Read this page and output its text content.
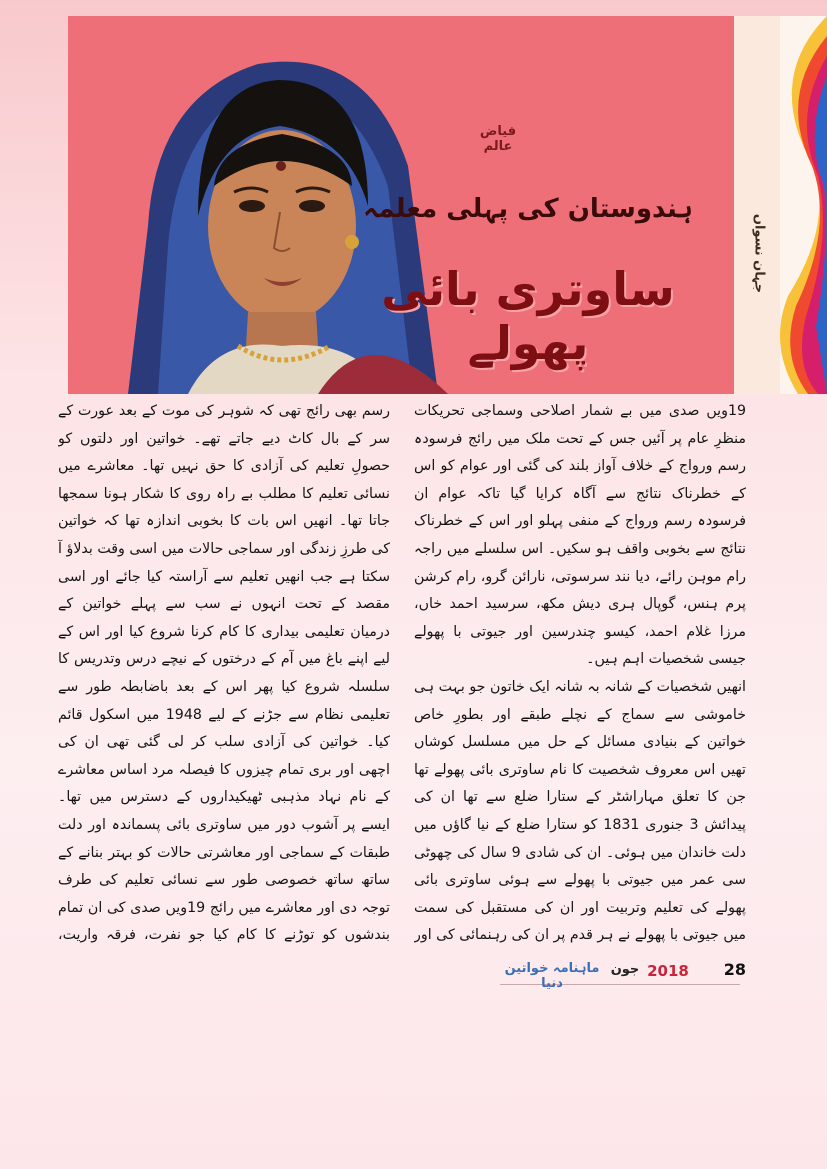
فیاض عالم
ہندوستان کی پہلی معلمہ
ساوتری بائی پھولے
جہان نسواں

19ویں صدی میں بے شمار اصلاحی وسماجی تحریکات منظرِ عام پر آئیں جس کے تحت ملک میں رائج فرسودہ رسم ورواج کے خلاف آواز بلند کی گئی اور عوام کو اس کے خطرناک نتائج سے آگاہ کرایا گیا تاکہ عوام ان فرسودہ رسم ورواج کے منفی پہلو اور اس کے خطرناک نتائج سے بخوبی واقف ہو سکیں۔ اس سلسلے میں راجہ رام موہن رائے، دیا نند سرسوتی، نارائن گرو، رام کرشن پرم ہنس، گوپال ہری دیش مکھ، سرسید احمد خاں، مرزا غلام احمد، کیسو چندرسین اور جیوتی با پھولے جیسی شخصیات اہم ہیں۔

انھیں شخصیات کے شانہ بہ شانہ ایک خاتون جو بہت ہی خاموشی سے سماج کے نچلے طبقے اور بطورِ خاص خواتین کے بنیادی مسائل کے حل میں مسلسل کوشاں تھیں اس معروف شخصیت کا نام ساوتری بائی پھولے تھا جن کا تعلق مہاراشٹر کے ستارا ضلع سے تھا ان کی پیدائش 3 جنوری 1831 کو ستارا ضلع کے نیا گاؤں میں دلت خاندان میں ہوئی۔ ان کی شادی 9 سال کی چھوٹی سی عمر میں جیوتی با پھولے سے ہوئی ساوتری بائی پھولے کی تعلیم وتربیت اور ان کی مستقبل کی سمت میں جیوتی با پھولے نے ہر قدم پر ان کی رہنمائی کی اور

رسم بھی رائج تھی کہ شوہر کی موت کے بعد عورت کے سر کے بال کاٹ دیے جاتے تھے۔ خواتین اور دلتوں کو حصولِ تعلیم کی آزادی کا حق نہیں تھا۔ معاشرے میں نسائی تعلیم کا مطلب بے راہ روی کا شکار ہونا سمجھا جاتا تھا۔ انھیں اس بات کا بخوبی اندازہ تھا کہ خواتین کی طرزِ زندگی اور سماجی حالات میں اسی وقت بدلاؤ آ سکتا ہے جب انھیں تعلیم سے آراستہ کیا جائے اور اسی مقصد کے تحت انہوں نے سب سے پہلے خواتین کے درمیان تعلیمی بیداری کا کام کرنا شروع کیا اور اس کے لیے اپنے باغ میں آم کے درختوں کے نیچے درس وتدریس کا سلسلہ شروع کیا پھر اس کے بعد باضابطہ طور سے تعلیمی نظام سے جڑنے کے لیے 1948 میں اسکول قائم کیا۔ خواتین کی آزادی سلب کر لی گئی تھی ان کی اچھی اور بری تمام چیزوں کا فیصلہ مرد اساس معاشرے کے نام نہاد مذہبی ٹھیکیداروں کے دسترس میں تھا۔ ایسے پر آشوب دور میں ساوتری بائی پسماندہ اور دلت طبقات کے سماجی اور معاشرتی حالات کو بہتر بنانے کے ساتھ ساتھ خصوصی طور سے نسائی تعلیم کی طرف توجہ دی اور معاشرے میں رائج 19ویں صدی کی ان تمام بندشوں کو توڑنے کا کام کیا جو نفرت، فرقہ واریت،

28
2018
جون
ماہنامہ خواتین دنیا
